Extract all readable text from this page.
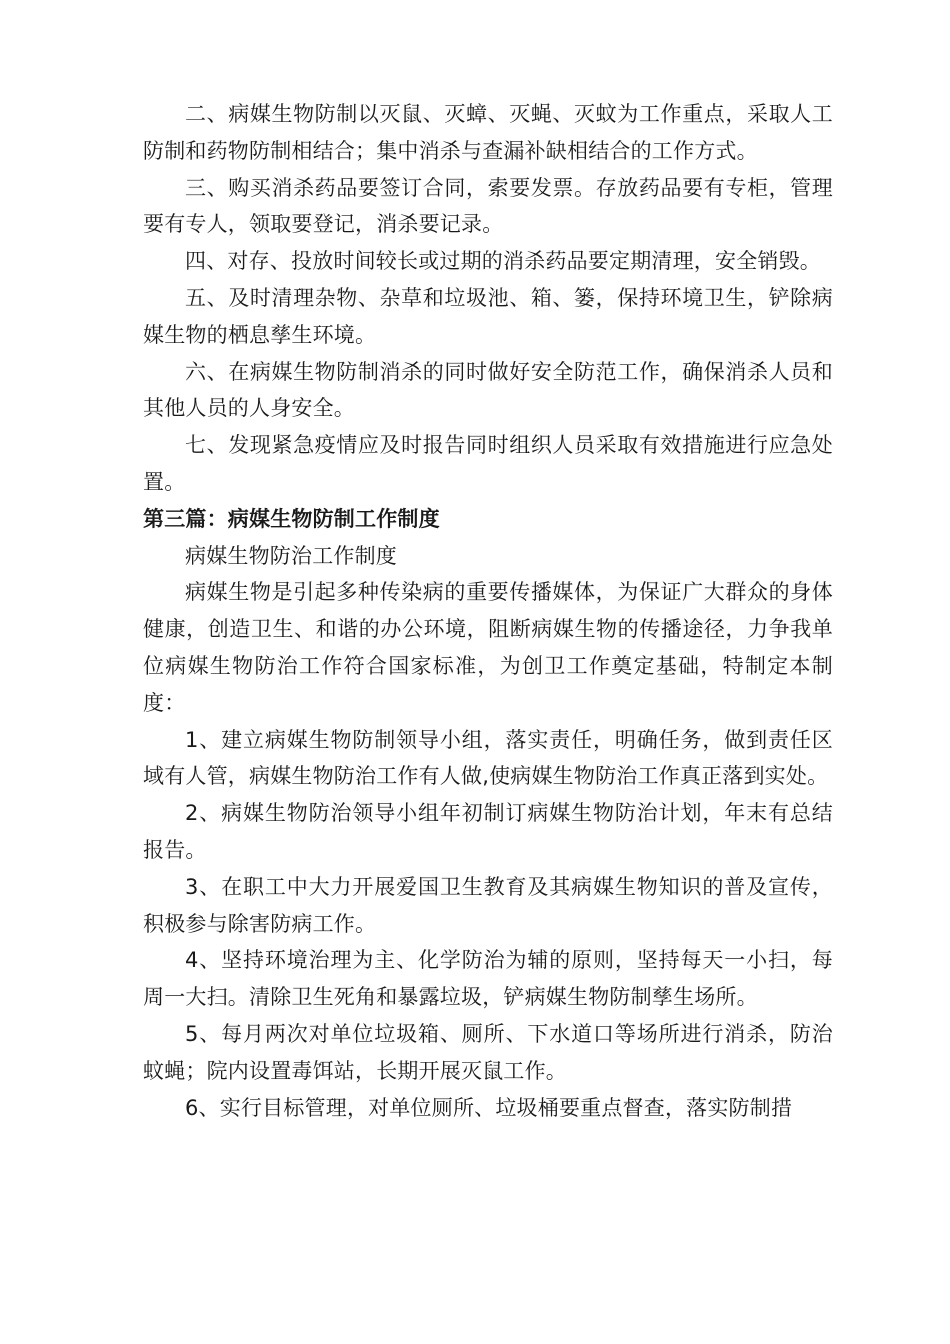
二、病媒生物防制以灭鼠、灭蟑、灭蝇、灭蚊为工作重点，采取人工防制和药物防制相结合；集中消杀与查漏补缺相结合的工作方式。

三、购买消杀药品要签订合同，索要发票。存放药品要有专柜，管理要有专人，领取要登记，消杀要记录。

四、对存、投放时间较长或过期的消杀药品要定期清理，安全销毁。

五、及时清理杂物、杂草和垃圾池、箱、篓，保持环境卫生，铲除病媒生物的栖息孳生环境。

六、在病媒生物防制消杀的同时做好安全防范工作，确保消杀人员和其他人员的人身安全。

七、发现紧急疫情应及时报告同时组织人员采取有效措施进行应急处置。

第三篇：病媒生物防制工作制度

病媒生物防治工作制度

病媒生物是引起多种传染病的重要传播媒体，为保证广大群众的身体健康，创造卫生、和谐的办公环境，阻断病媒生物的传播途径，力争我单位病媒生物防治工作符合国家标准，为创卫工作奠定基础，特制定本制度：

1、建立病媒生物防制领导小组，落实责任，明确任务，做到责任区域有人管，病媒生物防治工作有人做,使病媒生物防治工作真正落到实处。

2、病媒生物防治领导小组年初制订病媒生物防治计划，年末有总结报告。

3、在职工中大力开展爱国卫生教育及其病媒生物知识的普及宣传，积极参与除害防病工作。

4、坚持环境治理为主、化学防治为辅的原则，坚持每天一小扫，每周一大扫。清除卫生死角和暴露垃圾，铲病媒生物防制孳生场所。

5、每月两次对单位垃圾箱、厕所、下水道口等场所进行消杀，防治蚊蝇；院内设置毒饵站，长期开展灭鼠工作。

6、实行目标管理，对单位厕所、垃圾桶要重点督查，落实防制措
